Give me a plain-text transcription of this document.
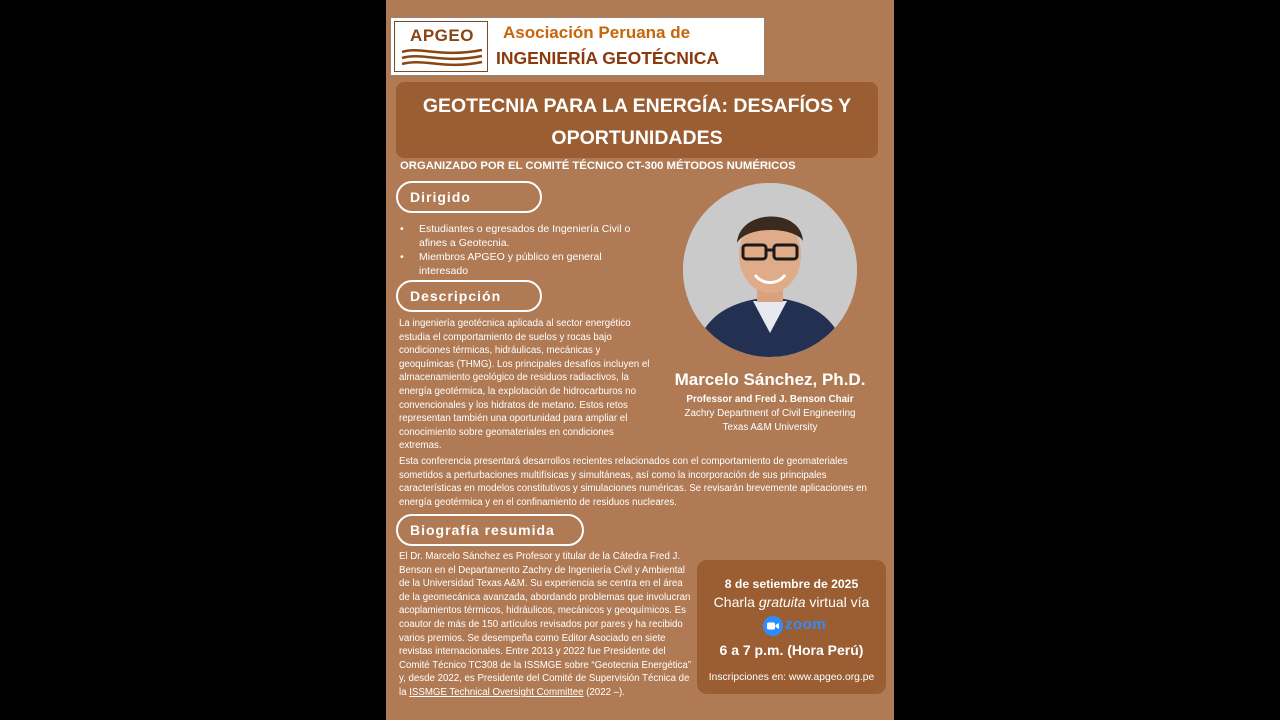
APGEO	Asociación Peruana de
INGENIERÍA GEOTÉCNICA
GEOTECNIA PARA LA ENERGÍA: DESAFÍOS Y OPORTUNIDADES
ORGANIZADO POR EL COMITÉ TÉCNICO CT-300 MÉTODOS NUMÉRICOS
Dirigido
• Estudiantes o egresados de Ingeniería Civil o afines a Geotecnia.
• Miembros APGEO y público en general interesado
Descripción
La ingeniería geotécnica aplicada al sector energético estudia el comportamiento de suelos y rocas bajo condiciones térmicas, hidráulicas, mecánicas y geoquímicas (THMG). Los principales desafíos incluyen el almacenamiento geológico de residuos radiactivos, la energía geotérmica, la explotación de hidrocarburos no convencionales y los hidratos de metano. Estos retos representan también una oportunidad para ampliar el conocimiento sobre geomateriales en condiciones extremas.
Marcelo Sánchez, Ph.D.
Professor and Fred J. Benson Chair
Zachry Department of Civil Engineering
Texas A&M University
Esta conferencia presentará desarrollos recientes relacionados con el comportamiento de geomateriales sometidos a perturbaciones multifísicas y simultáneas, así como la incorporación de sus principales características en modelos constitutivos y simulaciones numéricas. Se revisarán brevemente aplicaciones en energía geotérmica y en el confinamiento de residuos nucleares.
Biografía resumida
El Dr. Marcelo Sánchez es Profesor y titular de la Cátedra Fred J. Benson en el Departamento Zachry de Ingeniería Civil y Ambiental de la Universidad Texas A&M. Su experiencia se centra en el área de la geomecánica avanzada, abordando problemas que involucran acoplamientos térmicos, hidráulicos, mecánicos y geoquímicos. Es coautor de más de 150 artículos revisados por pares y ha recibido varios premios. Se desempeña como Editor Asociado en siete revistas internacionales. Entre 2013 y 2022 fue Presidente del Comité Técnico TC308 de la ISSMGE sobre “Geotecnia Energética” y, desde 2022, es Presidente del Comité de Supervisión Técnica de la ISSMGE Technical Oversight Committee (2022 –).
8 de setiembre de 2025
Charla gratuita virtual vía
zoom
6 a 7 p.m. (Hora Perú)
Inscripciones en: www.apgeo.org.pe
